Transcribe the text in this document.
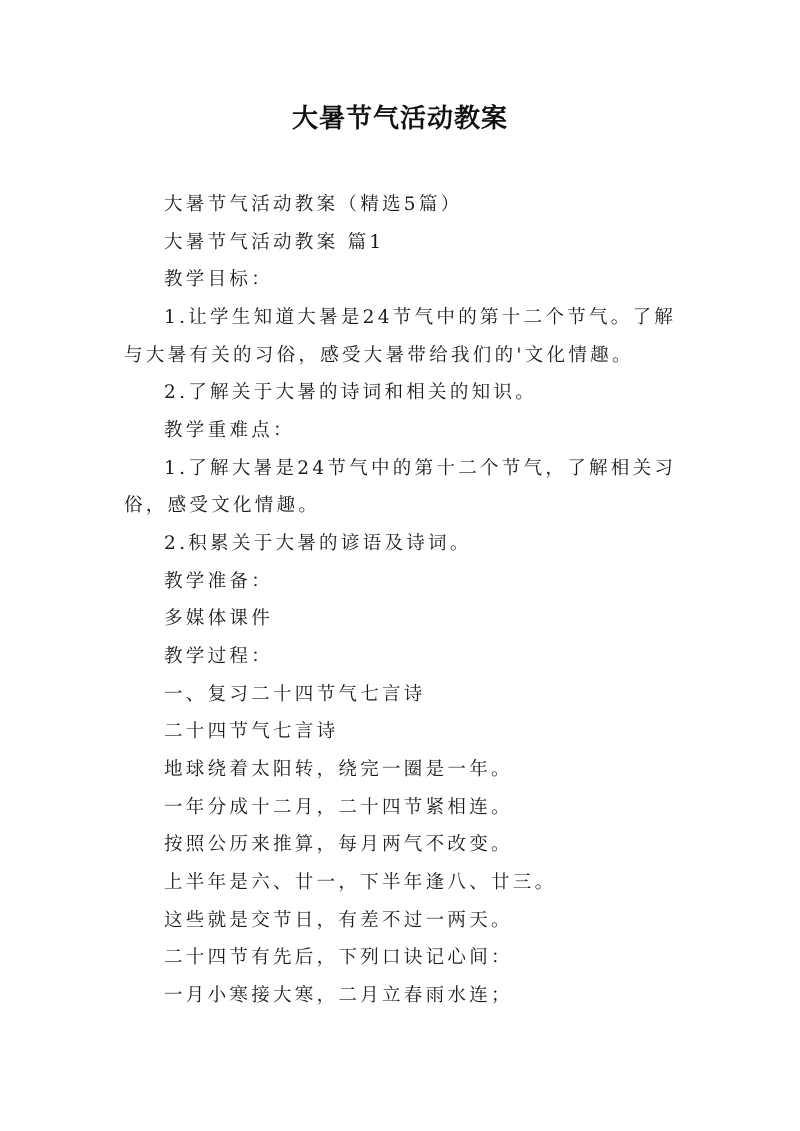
大暑节气活动教案
大暑节气活动教案（精选5篇）
大暑节气活动教案 篇1
教学目标：
1.让学生知道大暑是24节气中的第十二个节气。了解
与大暑有关的习俗，感受大暑带给我们的'文化情趣。
2.了解关于大暑的诗词和相关的知识。
教学重难点：
1.了解大暑是24节气中的第十二个节气，了解相关习
俗，感受文化情趣。
2.积累关于大暑的谚语及诗词。
教学准备：
多媒体课件
教学过程：
一、复习二十四节气七言诗
二十四节气七言诗
地球绕着太阳转，绕完一圈是一年。
一年分成十二月，二十四节紧相连。
按照公历来推算，每月两气不改变。
上半年是六、廿一，下半年逢八、廿三。
这些就是交节日，有差不过一两天。
二十四节有先后，下列口诀记心间：
一月小寒接大寒，二月立春雨水连；
